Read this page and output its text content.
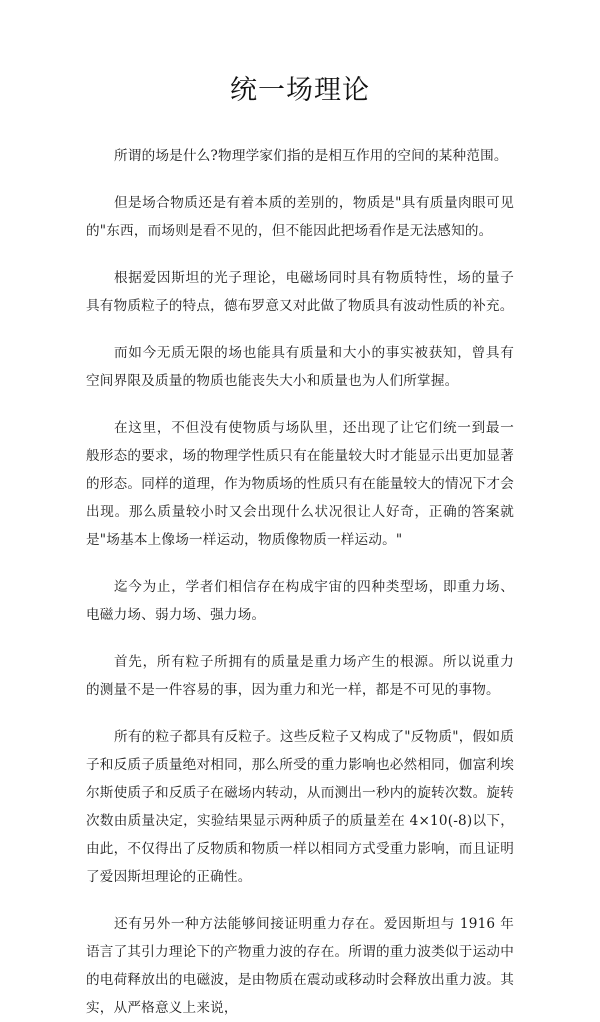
统一场理论

所谓的场是什么?物理学家们指的是相互作用的空间的某种范围。

但是场合物质还是有着本质的差别的，物质是"具有质量肉眼可见的"东西，而场则是看不见的，但不能因此把场看作是无法感知的。

根据爱因斯坦的光子理论，电磁场同时具有物质特性，场的量子具有物质粒子的特点，德布罗意又对此做了物质具有波动性质的补充。

而如今无质无限的场也能具有质量和大小的事实被获知，曾具有空间界限及质量的物质也能丧失大小和质量也为人们所掌握。

在这里，不但没有使物质与场队里，还出现了让它们统一到最一般形态的要求，场的物理学性质只有在能量较大时才能显示出更加显著的形态。同样的道理，作为物质场的性质只有在能量较大的情况下才会出现。那么质量较小时又会出现什么状况很让人好奇，正确的答案就是"场基本上像场一样运动，物质像物质一样运动。"

迄今为止，学者们相信存在构成宇宙的四种类型场，即重力场、电磁力场、弱力场、强力场。

首先，所有粒子所拥有的质量是重力场产生的根源。所以说重力的测量不是一件容易的事，因为重力和光一样，都是不可见的事物。

所有的粒子都具有反粒子。这些反粒子又构成了"反物质"，假如质子和反质子质量绝对相同，那么所受的重力影响也必然相同，伽富利埃尔斯使质子和反质子在磁场内转动，从而测出一秒内的旋转次数。旋转次数由质量决定，实验结果显示两种质子的质量差在 4×10(-8)以下，由此，不仅得出了反物质和物质一样以相同方式受重力影响，而且证明了爱因斯坦理论的正确性。

还有另外一种方法能够间接证明重力存在。爱因斯坦与 1916 年语言了其引力理论下的产物重力波的存在。所谓的重力波类似于运动中的电荷释放出的电磁波，是由物质在震动或移动时会释放出重力波。其实，从严格意义上来说，
